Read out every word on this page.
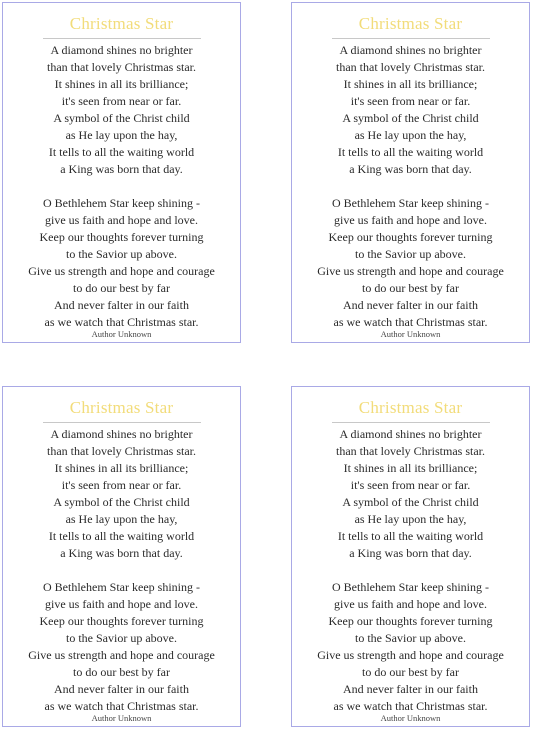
Christmas Star
A diamond shines no brighter
than that lovely Christmas star.
It shines in all its brilliance;
it's seen from near or far.
A symbol of the Christ child
as He lay upon the hay,
It tells to all the waiting world
a King was born that day.
O Bethlehem Star keep shining -
give us faith and hope and love.
Keep our thoughts forever turning
to the Savior up above.
Give us strength and hope and courage
to do our best by far
And never falter in our faith
as we watch that Christmas star.
Author Unknown
Christmas Star
A diamond shines no brighter
than that lovely Christmas star.
It shines in all its brilliance;
it's seen from near or far.
A symbol of the Christ child
as He lay upon the hay,
It tells to all the waiting world
a King was born that day.
O Bethlehem Star keep shining -
give us faith and hope and love.
Keep our thoughts forever turning
to the Savior up above.
Give us strength and hope and courage
to do our best by far
And never falter in our faith
as we watch that Christmas star.
Author Unknown
Christmas Star
A diamond shines no brighter
than that lovely Christmas star.
It shines in all its brilliance;
it's seen from near or far.
A symbol of the Christ child
as He lay upon the hay,
It tells to all the waiting world
a King was born that day.
O Bethlehem Star keep shining -
give us faith and hope and love.
Keep our thoughts forever turning
to the Savior up above.
Give us strength and hope and courage
to do our best by far
And never falter in our faith
as we watch that Christmas star.
Author Unknown
Christmas Star
A diamond shines no brighter
than that lovely Christmas star.
It shines in all its brilliance;
it's seen from near or far.
A symbol of the Christ child
as He lay upon the hay,
It tells to all the waiting world
a King was born that day.
O Bethlehem Star keep shining -
give us faith and hope and love.
Keep our thoughts forever turning
to the Savior up above.
Give us strength and hope and courage
to do our best by far
And never falter in our faith
as we watch that Christmas star.
Author Unknown
